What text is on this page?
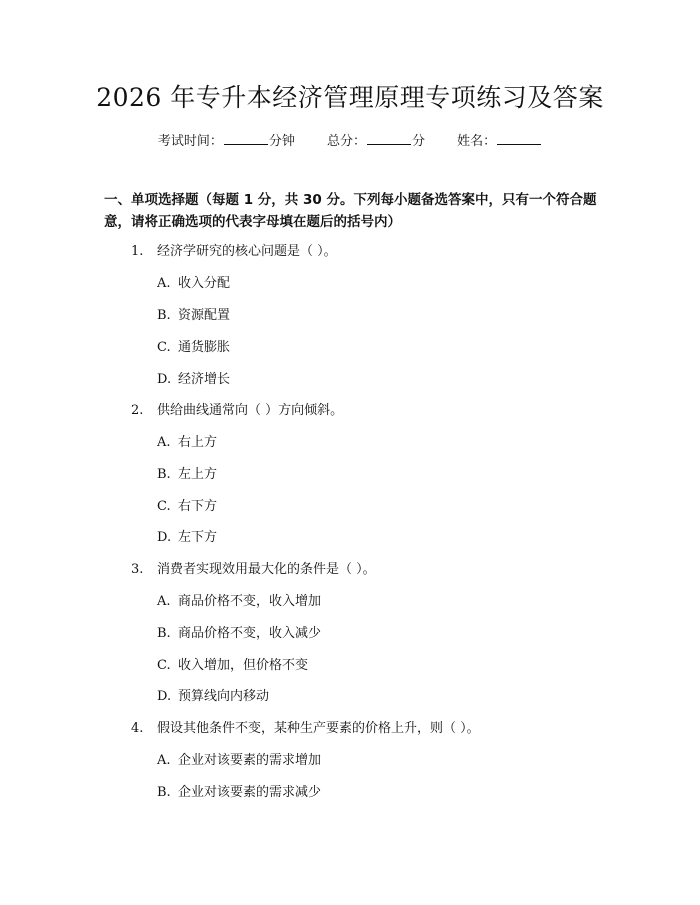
2026 年专升本经济管理原理专项练习及答案
考试时间：	分钟 总分：	分 姓名：
一、单项选择题（每题 1 分，共 30 分。下列每小题备选答案中，只有一个符合题意，请将正确选项的代表字母填在题后的括号内）
1. 经济学研究的核心问题是（ ）。
A. 收入分配
B. 资源配置
C. 通货膨胀
D. 经济增长
2. 供给曲线通常向（ ）方向倾斜。
A. 右上方
B. 左上方
C. 右下方
D. 左下方
3. 消费者实现效用最大化的条件是（ ）。
A. 商品价格不变，收入增加
B. 商品价格不变，收入减少
C. 收入增加，但价格不变
D. 预算线向内移动
4. 假设其他条件不变，某种生产要素的价格上升，则（ ）。
A. 企业对该要素的需求增加
B. 企业对该要素的需求减少
